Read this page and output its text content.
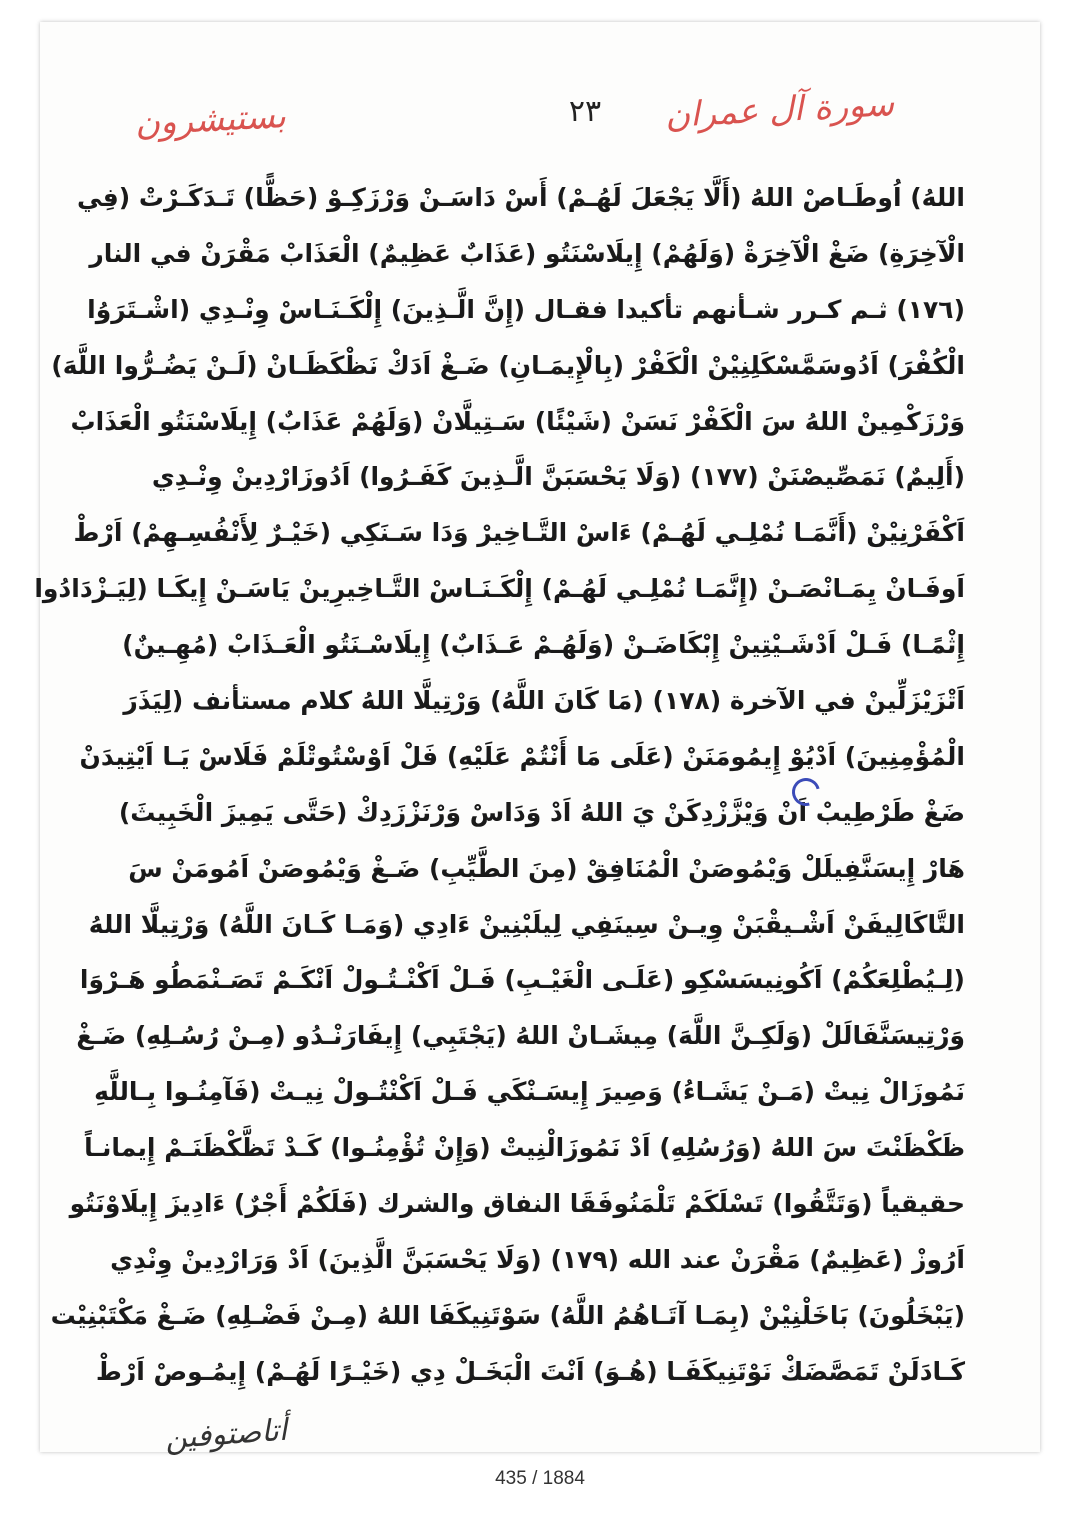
بستيشرون	٢٣	سورة آل عمران
اللهُ) اُوطَـاصْ اللهُ (أَلَّا يَجْعَلَ لَهُـمْ) أَسْ دَاسَـنْ وَرْزَكِـوْ (حَظًّا) تَـدَكَـرْتْ (فِي
الْآخِرَةِ) ضَغْ الْآخِرَةْ (وَلَهُمْ) إِيلَاسْنَتُو (عَذَابٌ عَظِيمٌ) الْعَذَابْ مَقْرَنْ في النار
(١٧٦) ثـم كـرر شـأنهم تأكيدا فقـال (إِنَّ الَّـذِينَ) إِلْكَـنَـاسْ وِنْـدِي (اشْـتَرَوُا
الْكُفْرَ) اَدُوسَمَّسْكَلِنِيْنْ الْكَفْرْ (بِالْإِيمَـانِ) ضَـغْ اَدَكْ نَظْكَظَـانْ (لَـنْ يَضُـرُّوا اللَّهَ)
وَرْزَكْمِينْ اللهُ سَ الْكَفْرْ نَسَنْ (شَيْئًا) سَـتِيلَّانْ (وَلَهُمْ عَذَابٌ) إِيلَاسْنَتُو الْعَذَابْ
(أَلِيمٌ) نَمَصِّيصْنَنْ (١٧٧) (وَلَا يَحْسَبَنَّ الَّـذِينَ كَفَـرُوا) اَدُوزَارْدِينْ وِنْـدِي
اَكْفَرْنِيْنْ (أَنَّمَـا نُمْلِـي لَهُـمْ) ءَاسْ التَّـاخِيرْ وَدَا سَـنَكِي (خَيْـرٌ لِأَنْفُسِـهِمْ) اَرْطْ
اَوفَـانْ يِمَـانْصَـنْ (إِنَّمَـا نُمْلِـي لَهُـمْ) إِلْكَـنَـاسْ التَّـاخِيرِينْ يَاسَـنْ إِيكَـا (لِيَـزْدَادُوا
إِثْمًـا) فَـلْ اَدْشَـيْتِينْ إِبْكَاضَـنْ (وَلَهُـمْ عَـذَابٌ) إِيلَاسْـنَتُو الْعَـذَابْ (مُهِـينٌ)
اَتْزَيْزَلِّينْ في الآخرة (١٧٨) (مَا كَانَ اللَّهُ) وَرْتِيلَّا اللهُ كلام مستأنف (لِيَذَرَ
الْمُؤْمِنِينَ) اَدْيُوْ إِيمُومَنَنْ (عَلَى مَا أَنْتُمْ عَلَيْهِ) فَلْ اَوْسْتُوتْلَمْ فَلَاسْ يَـا اَيْتِيدَنْ
ضَغْ طَرْطِيبْ اَنْ وَيْزَّزْدِكَنْ يَ اللهُ اَدْ وَدَاسْ وَرْنَزْزَدِكْ (حَتَّى يَمِيزَ الْخَبِيثَ)
هَارْ إِيسَنَّفِيلَلْ وَيْمُوصَنْ الْمُنَافِقْ (مِنَ الطَّيِّبِ) ضَـغْ وَيْمُوصَنْ اَمُومَنْ سَ
التَّاكَالِيفَنْ اَشْـيقْبَنْ وِيـنْ سِينَفِي لِيلَبْنِينْ ءَادِي (وَمَـا كَـانَ اللَّهُ) وَرْتِيلَّا اللهُ
(لِـيُطْلِعَكُمْ) اَكُونِيسَسْكِو (عَلَـى الْغَيْـبِ) فَـلْ اَكْنْـتُـولْ اَنْكَـمْ تَصَـنْمَطُو هَـرْوَا
وَرْتِيسَنَّفَالَلْ (وَلَكِـنَّ اللَّهَ) مِيشَـانْ اللهُ (يَجْتَبِي) إِيفَارَنْـدُو (مِـنْ رُسُـلِهِ) ضَـغْ
نَمُوزَالْ نِيتْ (مَـنْ يَشَـاءُ) وَصِيرَ إِيسَـنْكَي فَـلْ اَكْنْتُـولْ نِيـتْ (فَآمِنُـوا بِـاللَّهِ
ظَكْظَنْتَ سَ اللهُ (وَرُسُلِهِ) اَدْ نَمُوزَالْنِيتْ (وَإِنْ تُؤْمِنُـوا) كَـدْ تَظَّكْظَنَـمْ إِيمانـاً
حقيقياً (وَتَتَّقُوا) تَسْلَكَمْ تَلْمَنُوفَقَا النفاق والشرك (فَلَكُمْ أَجْرٌ) ءَادِيزَ إِيلَاوْنَتُو
اَرُوزْ (عَظِيمٌ) مَقْرَنْ عند الله (١٧٩) (وَلَا يَحْسَبَنَّ الَّذِينَ) اَدْ وَرَارْدِينْ وِنْدِي
(يَبْخَلُونَ) بَاخَلْنِيْنْ (بِمَـا آتَـاهُمُ اللَّهُ) سَوْتَنِيكَفَا اللهُ (مِـنْ فَضْـلِهِ) ضَـغْ مَكْتَبْنِيْت
كَـادَلَنْ تَمَصَّضَكْ نَوْتَنِيكَفَـا (هُـوَ) اَنْتَ الْبَخَـلْ دِي (خَيْـرًا لَهُـمْ) إِيمُـوصْ اَرْطْ
أتاصتوفين
435 / 1884
